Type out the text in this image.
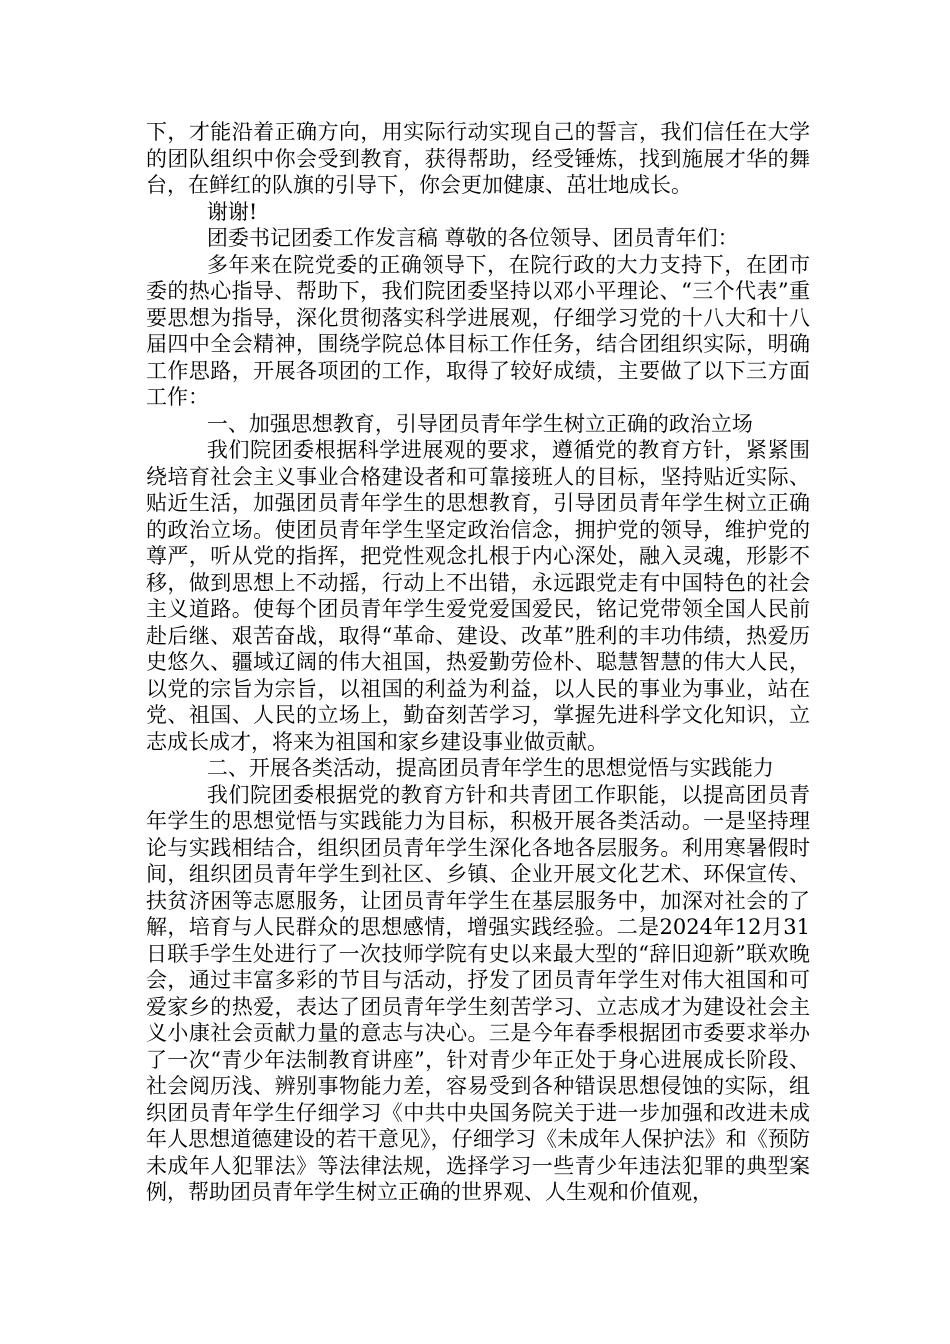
下，才能沿着正确方向，用实际行动实现自己的誓言，我们信任在大学的团队组织中你会受到教育，获得帮助，经受锤炼，找到施展才华的舞台，在鲜红的队旗的引导下，你会更加健康、茁壮地成长。

谢谢!

团委书记团委工作发言稿 尊敬的各位领导、团员青年们：

多年来在院党委的正确领导下，在院行政的大力支持下，在团市委的热心指导、帮助下，我们院团委坚持以邓小平理论、“三个代表”重要思想为指导，深化贯彻落实科学进展观，仔细学习党的十八大和十八届四中全会精神，围绕学院总体目标工作任务，结合团组织实际，明确工作思路，开展各项团的工作，取得了较好成绩，主要做了以下三方面工作：

一、加强思想教育，引导团员青年学生树立正确的政治立场

我们院团委根据科学进展观的要求，遵循党的教育方针，紧紧围绕培育社会主义事业合格建设者和可靠接班人的目标，坚持贴近实际、贴近生活，加强团员青年学生的思想教育，引导团员青年学生树立正确的政治立场。使团员青年学生坚定政治信念，拥护党的领导，维护党的尊严，听从党的指挥，把党性观念扎根于内心深处，融入灵魂，形影不移，做到思想上不动摇，行动上不出错，永远跟党走有中国特色的社会主义道路。使每个团员青年学生爱党爱国爱民，铭记党带领全国人民前赴后继、艰苦奋战，取得“革命、建设、改革”胜利的丰功伟绩，热爱历史悠久、疆域辽阔的伟大祖国，热爱勤劳俭朴、聪慧智慧的伟大人民，以党的宗旨为宗旨，以祖国的利益为利益，以人民的事业为事业，站在党、祖国、人民的立场上，勤奋刻苦学习，掌握先进科学文化知识，立志成长成才，将来为祖国和家乡建设事业做贡献。

二、开展各类活动，提高团员青年学生的思想觉悟与实践能力

我们院团委根据党的教育方针和共青团工作职能，以提高团员青年学生的思想觉悟与实践能力为目标，积极开展各类活动。一是坚持理论与实践相结合，组织团员青年学生深化各地各层服务。利用寒暑假时间，组织团员青年学生到社区、乡镇、企业开展文化艺术、环保宣传、扶贫济困等志愿服务，让团员青年学生在基层服务中，加深对社会的了解，培育与人民群众的思想感情，增强实践经验。二是2024年12月31日联手学生处进行了一次技师学院有史以来最大型的“辞旧迎新”联欢晚会，通过丰富多彩的节目与活动，抒发了团员青年学生对伟大祖国和可爱家乡的热爱，表达了团员青年学生刻苦学习、立志成才为建设社会主义小康社会贡献力量的意志与决心。三是今年春季根据团市委要求举办了一次“青少年法制教育讲座”，针对青少年正处于身心进展成长阶段、社会阅历浅、辨别事物能力差，容易受到各种错误思想侵蚀的实际，组织团员青年学生仔细学习《中共中央国务院关于进一步加强和改进未成年人思想道德建设的若干意见》，仔细学习《未成年人保护法》和《预防未成年人犯罪法》等法律法规，选择学习一些青少年违法犯罪的典型案例，帮助团员青年学生树立正确的世界观、人生观和价值观，
